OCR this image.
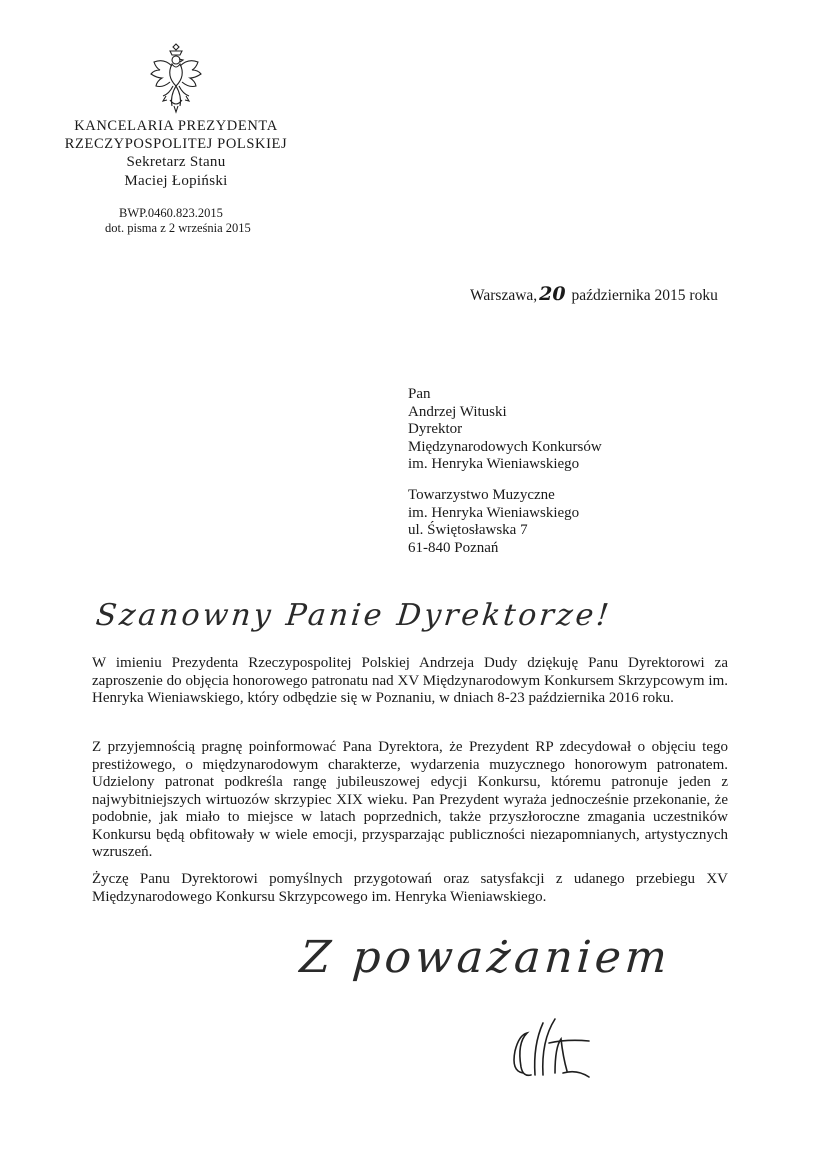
KANCELARIA PREZYDENTA
RZECZYPOSPOLITEJ POLSKIEJ
Sekretarz Stanu
Maciej Łopiński
BWP.0460.823.2015
dot. pisma z 2 września 2015
Warszawa, 20 października 2015 roku
Pan
Andrzej Wituski
Dyrektor
Międzynarodowych Konkursów
im. Henryka Wieniawskiego
Towarzystwo Muzyczne
im. Henryka Wieniawskiego
ul. Świętosławska 7
61-840 Poznań
Szanowny Panie Dyrektorze!
W imieniu Prezydenta Rzeczypospolitej Polskiej Andrzeja Dudy dziękuję Panu Dyrektorowi za zaproszenie do objęcia honorowego patronatu nad XV Międzynarodowym Konkursem Skrzypcowym im. Henryka Wieniawskiego, który odbędzie się w Poznaniu, w dniach 8-23 października 2016 roku.
Z przyjemnością pragnę poinformować Pana Dyrektora, że Prezydent RP zdecydował o objęciu tego prestiżowego, o międzynarodowym charakterze, wydarzenia muzycznego honorowym patronatem. Udzielony patronat podkreśla rangę jubileuszowej edycji Konkursu, któremu patronuje jeden z najwybitniejszych wirtuozów skrzypiec XIX wieku. Pan Prezydent wyraża jednocześnie przekonanie, że podobnie, jak miało to miejsce w latach poprzednich, także przyszłoroczne zmagania uczestników Konkursu będą obfitowały w wiele emocji, przysparzając publiczności niezapomnianych, artystycznych wzruszeń.
Życzę Panu Dyrektorowi pomyślnych przygotowań oraz satysfakcji z udanego przebiegu XV Międzynarodowego Konkursu Skrzypcowego im. Henryka Wieniawskiego.
Z poważaniem
